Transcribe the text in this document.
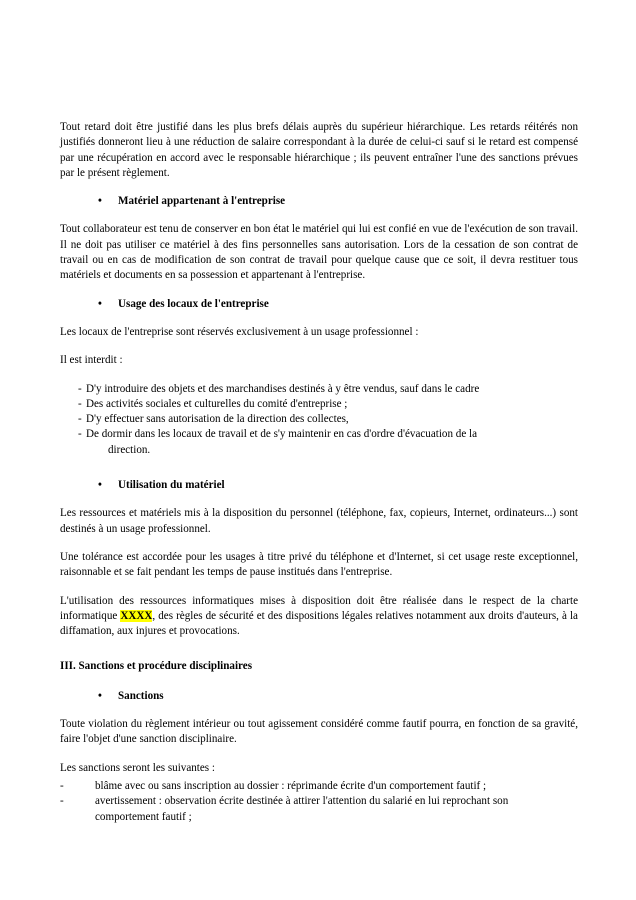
Tout retard doit être justifié dans les plus brefs délais auprès du supérieur hiérarchique. Les retards réitérés non justifiés donneront lieu à une réduction de salaire correspondant à la durée de celui-ci sauf si le retard est compensé par une récupération en accord avec le responsable hiérarchique ; ils peuvent entraîner l'une des sanctions prévues par le présent règlement.

• Matériel appartenant à l'entreprise

Tout collaborateur est tenu de conserver en bon état le matériel qui lui est confié en vue de l'exécution de son travail. Il ne doit pas utiliser ce matériel à des fins personnelles sans autorisation. Lors de la cessation de son contrat de travail ou en cas de modification de son contrat de travail pour quelque cause que ce soit, il devra restituer tous matériels et documents en sa possession et appartenant à l'entreprise.

• Usage des locaux de l'entreprise

Les locaux de l'entreprise sont réservés exclusivement à un usage professionnel :

Il est interdit :

- D'y introduire des objets et des marchandises destinés à y être vendus, sauf dans le cadre
- Des activités sociales et culturelles du comité d'entreprise ;
- D'y effectuer sans autorisation de la direction des collectes,
- De dormir dans les locaux de travail et de s'y maintenir en cas d'ordre d'évacuation de la
direction.
• Utilisation du matériel

Les ressources et matériels mis à la disposition du personnel (téléphone, fax, copieurs, Internet, ordinateurs...) sont destinés à un usage professionnel.

Une tolérance est accordée pour les usages à titre privé du téléphone et d'Internet, si cet usage reste exceptionnel, raisonnable et se fait pendant les temps de pause institués dans l'entreprise.

L'utilisation des ressources informatiques mises à disposition doit être réalisée dans le respect de la charte informatique XXXX, des règles de sécurité et des dispositions légales relatives notamment aux droits d'auteurs, à la diffamation, aux injures et provocations.

III. Sanctions et procédure disciplinaires
• Sanctions

Toute violation du règlement intérieur ou tout agissement considéré comme fautif pourra, en fonction de sa gravité, faire l'objet d'une sanction disciplinaire.

Les sanctions seront les suivantes :

-	blâme avec ou sans inscription au dossier : réprimande écrite d'un comportement fautif ;
-	avertissement : observation écrite destinée à attirer l'attention du salarié en lui reprochant son
comportement fautif ;
